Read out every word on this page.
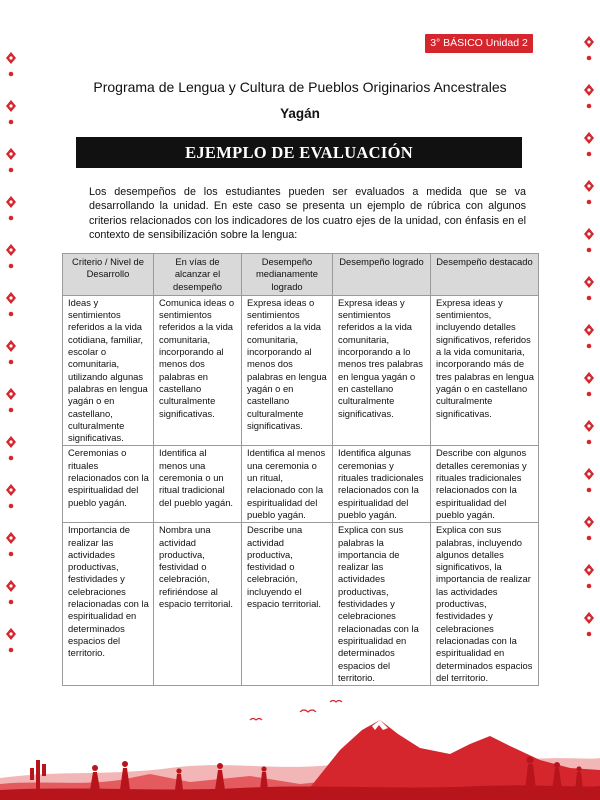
3° BÁSICO Unidad 2
Programa de Lengua y Cultura de Pueblos Originarios Ancestrales
Yagán
EJEMPLO DE EVALUACIÓN

Los desempeños de los estudiantes pueden ser evaluados a medida que se va desarrollando la unidad. En este caso se presenta un ejemplo de rúbrica con algunos criterios relacionados con los indicadores de los cuatro ejes de la unidad, con énfasis en el contexto de sensibilización sobre la lengua:

Criterio / Nivel de Desarrollo	En vías de alcanzar el desempeño	Desempeño medianamente logrado	Desempeño logrado	Desempeño destacado
Ideas y sentimientos referidos a la vida cotidiana, familiar, escolar o comunitaria, utilizando algunas palabras en lengua yagán o en castellano, culturalmente significativas.	Comunica ideas o sentimientos referidos a la vida comunitaria, incorporando al menos dos palabras en castellano culturalmente significativas.	Expresa ideas o sentimientos referidos a la vida comunitaria, incorporando al menos dos palabras en lengua yagán o en castellano culturalmente significativas.	Expresa ideas y sentimientos referidos a la vida comunitaria, incorporando a lo menos tres palabras en lengua yagán o en castellano culturalmente significativas.	Expresa ideas y sentimientos, incluyendo detalles significativos, referidos a la vida comunitaria, incorporando más de tres palabras en lengua yagán o en castellano culturalmente significativas.
Ceremonias o rituales relacionados con la espiritualidad del pueblo yagán.	Identifica al menos una ceremonia o un ritual tradicional del pueblo yagán.	Identifica al menos una ceremonia o un ritual, relacionado con la espiritualidad del pueblo yagán.	Identifica algunas ceremonias y rituales tradicionales relacionados con la espiritualidad del pueblo yagán.	Describe con algunos detalles ceremonias y rituales tradicionales relacionados con la espiritualidad del pueblo yagán.
Importancia de realizar las actividades productivas, festividades y celebraciones relacionadas con la espiritualidad en determinados espacios del territorio.	Nombra una actividad productiva, festividad o celebración, refiriéndose al espacio territorial.	Describe una actividad productiva, festividad o celebración, incluyendo el espacio territorial.	Explica con sus palabras la importancia de realizar las actividades productivas, festividades y celebraciones relacionadas con la espiritualidad en determinados espacios del territorio.	Explica con sus palabras, incluyendo algunos detalles significativos, la importancia de realizar las actividades productivas, festividades y celebraciones relacionadas con la espiritualidad en determinados espacios del territorio.
